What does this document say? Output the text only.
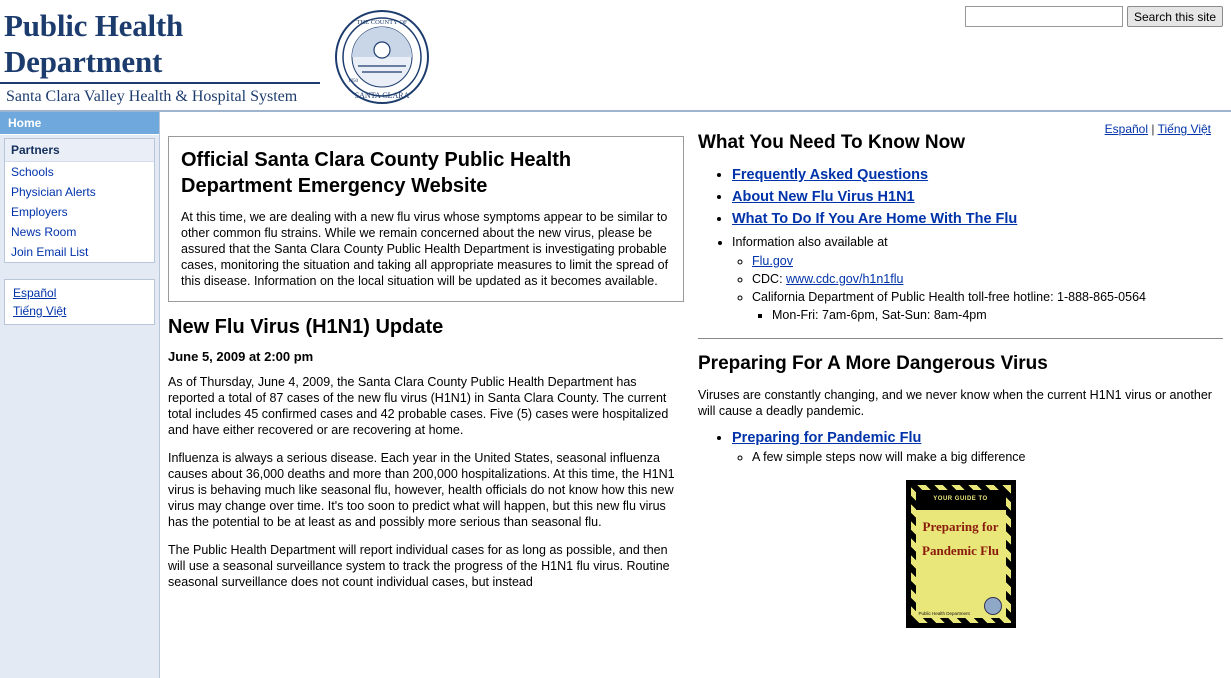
Public Health Department
Santa Clara Valley Health & Hospital System
THE COUNTY OF
SANTA CLARA
1850
Search this site
Home
Partners
Schools
Physician Alerts
Employers
News Room
Join Email List
Español
Tiếng Việt
Official Santa Clara County Public Health Department Emergency Website

At this time, we are dealing with a new flu virus whose symptoms appear to be similar to other common flu strains. While we remain concerned about the new virus, please be assured that the Santa Clara County Public Health Department is investigating probable cases, monitoring the situation and taking all appropriate measures to limit the spread of this disease. Information on the local situation will be updated as it becomes available.

New Flu Virus (H1N1) Update
June 5, 2009 at 2:00 pm

As of Thursday, June 4, 2009, the Santa Clara County Public Health Department has reported a total of 87 cases of the new flu virus (H1N1) in Santa Clara County. The current total includes 45 confirmed cases and 42 probable cases. Five (5) cases were hospitalized and have either recovered or are recovering at home.

Influenza is always a serious disease. Each year in the United States, seasonal influenza causes about 36,000 deaths and more than 200,000 hospitalizations. At this time, the H1N1 virus is behaving much like seasonal flu, however, health officials do not know how this new virus may change over time. It's too soon to predict what will happen, but this new flu virus has the potential to be at least as and possibly more serious than seasonal flu.

The Public Health Department will report individual cases for as long as possible, and then will use a seasonal surveillance system to track the progress of the H1N1 flu virus. Routine seasonal surveillance does not count individual cases, but instead

Español | Tiếng Việt
What You Need To Know Now
• Frequently Asked Questions
• About New Flu Virus H1N1
• What To Do If You Are Home With The Flu
• Information also available at
◦ Flu.gov
◦ CDC: www.cdc.gov/h1n1flu
◦ California Department of Public Health toll-free hotline: 1-888-865-0564
▪ Mon-Fri: 7am-6pm, Sat-Sun: 8am-4pm
Preparing For A More Dangerous Virus

Viruses are constantly changing, and we never know when the current H1N1 virus or another will cause a deadly pandemic.

• Preparing for Pandemic Flu
◦ A few simple steps now will make a big difference
YOUR GUIDE TO
Preparing for
Pandemic Flu
Public Health Department
